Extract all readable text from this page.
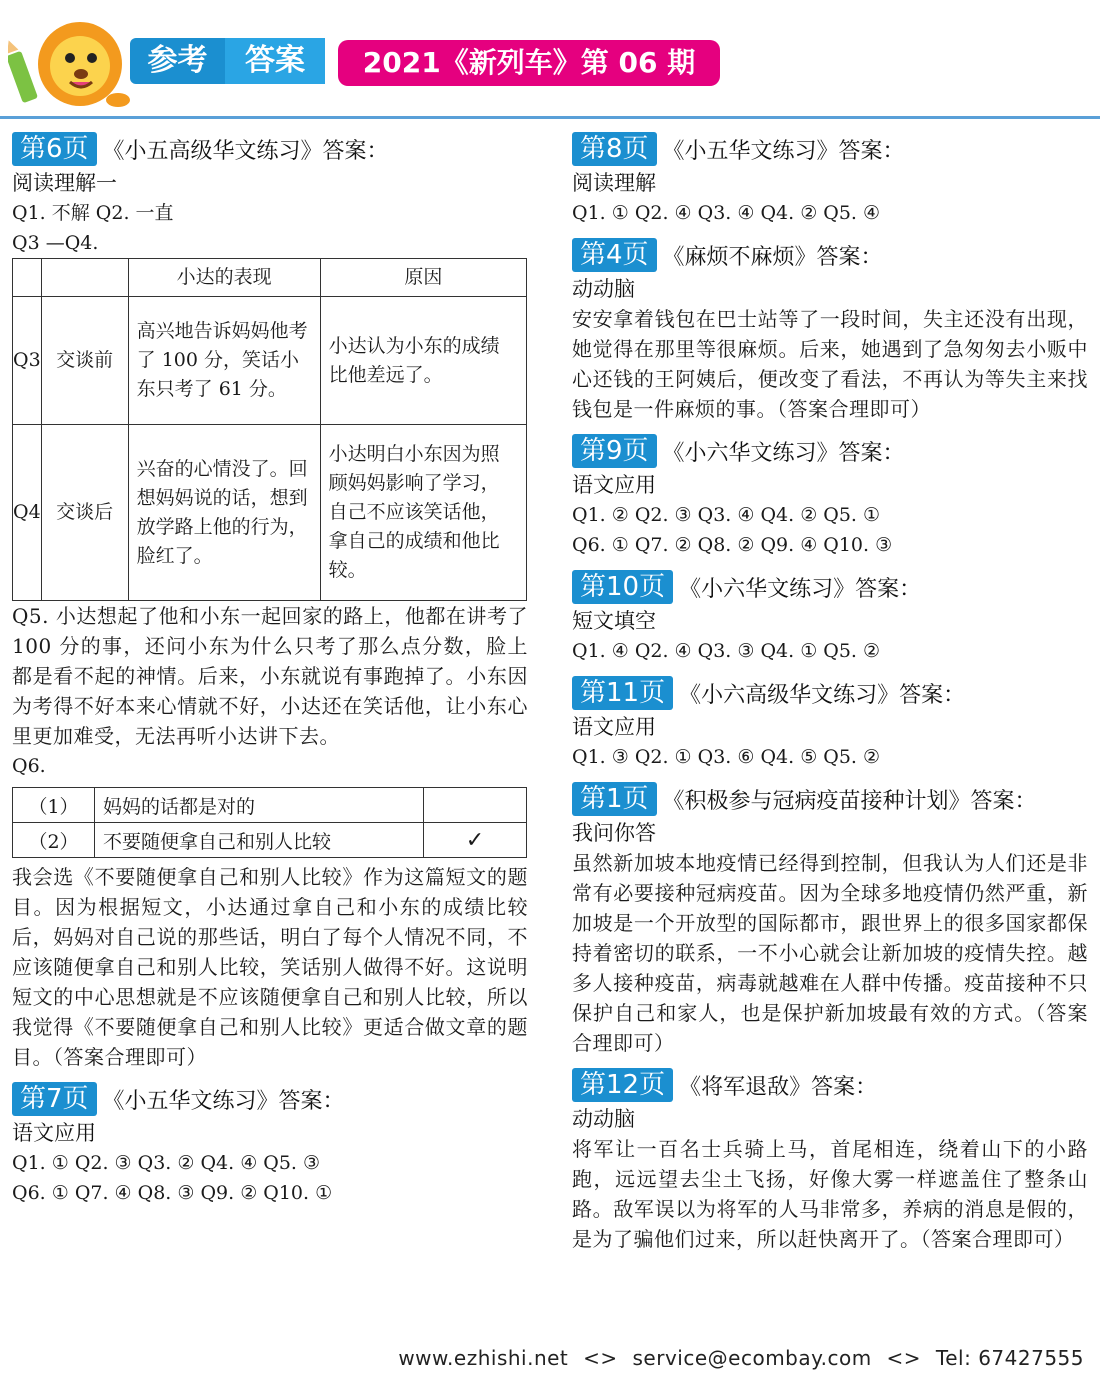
参考	答案	2021《新列车》第 06 期
第6页 《小五高级华文练习》答案：
阅读理解一
Q1. 不解 Q2. 一直
Q3 —Q4.
		小达的表现	原因
Q3	交谈前	高兴地告诉妈妈他考了 100 分，笑话小东只考了 61 分。	小达认为小东的成绩比他差远了。
Q4	交谈后	兴奋的心情没了。回想妈妈说的话，想到放学路上他的行为，脸红了。	小达明白小东因为照顾妈妈影响了学习，自己不应该笑话他，拿自己的成绩和他比较。
Q5. 小达想起了他和小东一起回家的路上，他都在讲考了 100 分的事，还问小东为什么只考了那么点分数，脸上都是看不起的神情。后来，小东就说有事跑掉了。小东因为考得不好本来心情就不好，小达还在笑话他，让小东心里更加难受，无法再听小达讲下去。
Q6.
（1）	妈妈的话都是对的	
（2）	不要随便拿自己和别人比较	✓
我会选《不要随便拿自己和别人比较》作为这篇短文的题目。因为根据短文，小达通过拿自己和小东的成绩比较后，妈妈对自己说的那些话，明白了每个人情况不同，不应该随便拿自己和别人比较，笑话别人做得不好。这说明短文的中心思想就是不应该随便拿自己和别人比较，所以我觉得《不要随便拿自己和别人比较》更适合做文章的题目。（答案合理即可）
第7页 《小五华文练习》答案：
语文应用
Q1. ① Q2. ③ Q3. ② Q4. ④ Q5. ③
Q6. ① Q7. ④ Q8. ③ Q9. ② Q10. ①
第8页 《小五华文练习》答案：
阅读理解
Q1. ① Q2. ④ Q3. ④ Q4. ② Q5. ④
第4页 《麻烦不麻烦》答案：
动动脑
安安拿着钱包在巴士站等了一段时间，失主还没有出现，她觉得在那里等很麻烦。后来，她遇到了急匆匆去小贩中心还钱的王阿姨后，便改变了看法，不再认为等失主来找钱包是一件麻烦的事。（答案合理即可）
第9页 《小六华文练习》答案：
语文应用
Q1. ② Q2. ③ Q3. ④ Q4. ② Q5. ①
Q6. ① Q7. ② Q8. ② Q9. ④ Q10. ③
第10页 《小六华文练习》答案：
短文填空
Q1. ④ Q2. ④ Q3. ③ Q4. ① Q5. ②
第11页 《小六高级华文练习》答案：
语文应用
Q1. ③ Q2. ① Q3. ⑥ Q4. ⑤ Q5. ②
第1页 《积极参与冠病疫苗接种计划》答案：
我问你答
虽然新加坡本地疫情已经得到控制，但我认为人们还是非常有必要接种冠病疫苗。因为全球多地疫情仍然严重，新加坡是一个开放型的国际都市，跟世界上的很多国家都保持着密切的联系，一不小心就会让新加坡的疫情失控。越多人接种疫苗，病毒就越难在人群中传播。疫苗接种不只保护自己和家人，也是保护新加坡最有效的方式。（答案合理即可）
第12页 《将军退敌》答案：
动动脑
将军让一百名士兵骑上马，首尾相连，绕着山下的小路跑，远远望去尘土飞扬，好像大雾一样遮盖住了整条山路。敌军误以为将军的人马非常多，养病的消息是假的，是为了骗他们过来，所以赶快离开了。（答案合理即可）
www.ezhishi.net <> service@ecombay.com <> Tel: 67427555
